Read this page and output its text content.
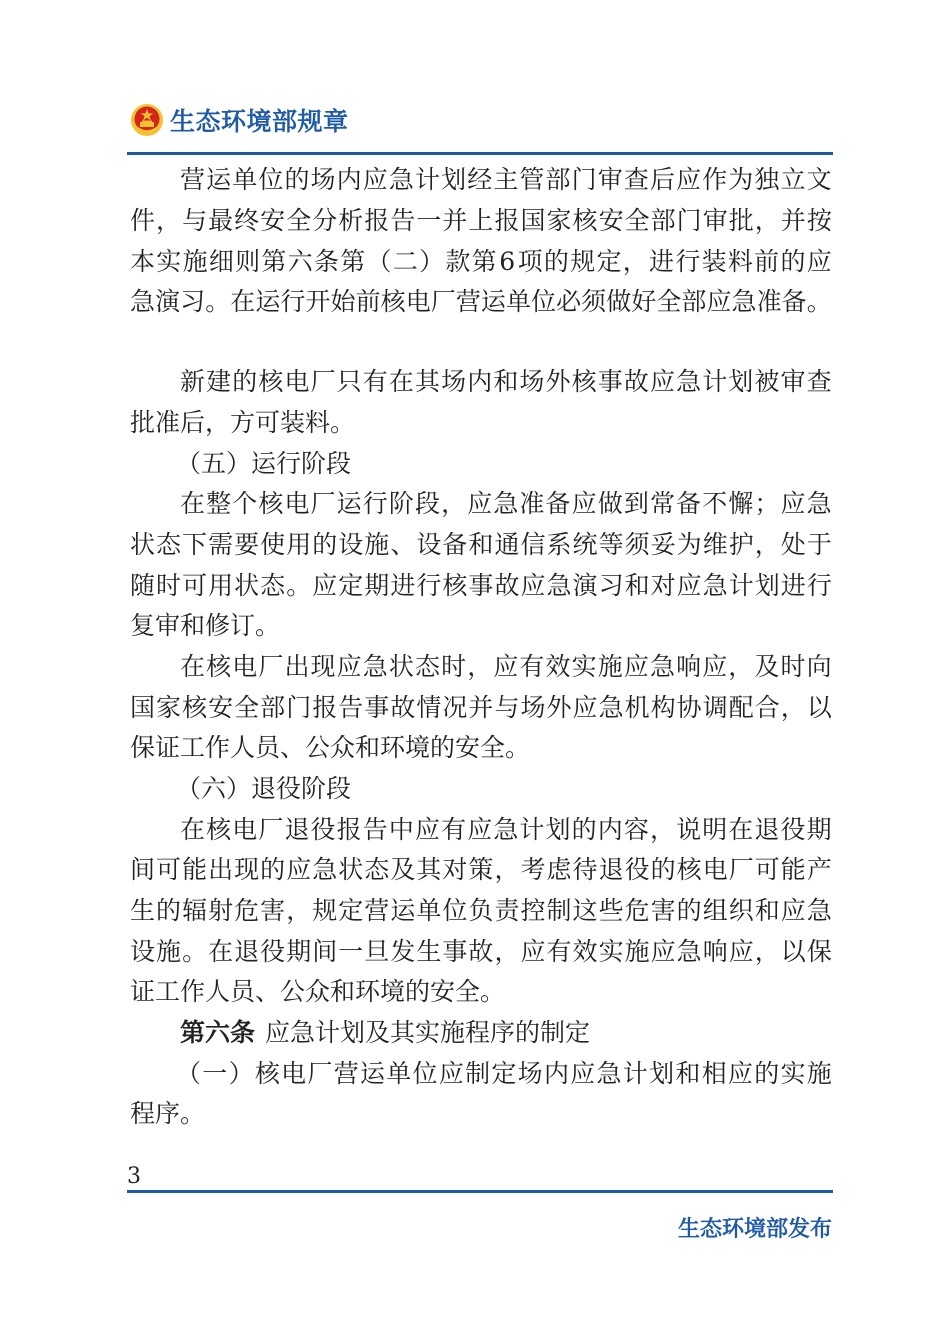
生态环境部规章
营 运 单 位 的 场 内 应 急 计 划 经 主 管 部 门 审 查 后 应 作 为 独 立 文
件 ， 与 最 终 安 全 分 析 报 告 一 并 上 报 国 家 核 安 全 部 门 审 批 ， 并 按
本 实 施 细 则 第 六 条 第 （ 二 ） 款 第 6 项 的 规 定 ， 进 行 装 料 前 的 应
急 演 习 。 在 运 行 开 始 前 核 电 厂 营 运 单 位 必 须 做 好 全 部 应 急 准 备 。
新 建 的 核 电 厂 只 有 在 其 场 内 和 场 外 核 事 故 应 急 计 划 被 审 查
批准后，方可装料。
（五）运行阶段
在 整 个 核 电 厂 运 行 阶 段 ， 应 急 准 备 应 做 到 常 备 不 懈 ； 应 急
状 态 下 需 要 使 用 的 设 施 、 设 备 和 通 信 系 统 等 须 妥 为 维 护 ， 处 于
随 时 可 用 状 态 。 应 定 期 进 行 核 事 故 应 急 演 习 和 对 应 急 计 划 进 行
复审和修订。
在 核 电 厂 出 现 应 急 状 态 时 ， 应 有 效 实 施 应 急 响 应 ， 及 时 向
国 家 核 安 全 部 门 报 告 事 故 情 况 并 与 场 外 应 急 机 构 协 调 配 合 ， 以
保证工作人员、公众和环境的安全。
（六）退役阶段
在 核 电 厂 退 役 报 告 中 应 有 应 急 计 划 的 内 容 ， 说 明 在 退 役 期
间 可 能 出 现 的 应 急 状 态 及 其 对 策 ， 考 虑 待 退 役 的 核 电 厂 可 能 产
生 的 辐 射 危 害 ， 规 定 营 运 单 位 负 责 控 制 这 些 危 害 的 组 织 和 应 急
设 施 。 在 退 役 期 间 一 旦 发 生 事 故 ， 应 有 效 实 施 应 急 响 应 ， 以 保
证工作人员、公众和环境的安全。
第六条 应急计划及其实施程序的制定
（ 一 ） 核 电 厂 营 运 单 位 应 制 定 场 内 应 急 计 划 和 相 应 的 实 施
程序。
3
生态环境部发布
